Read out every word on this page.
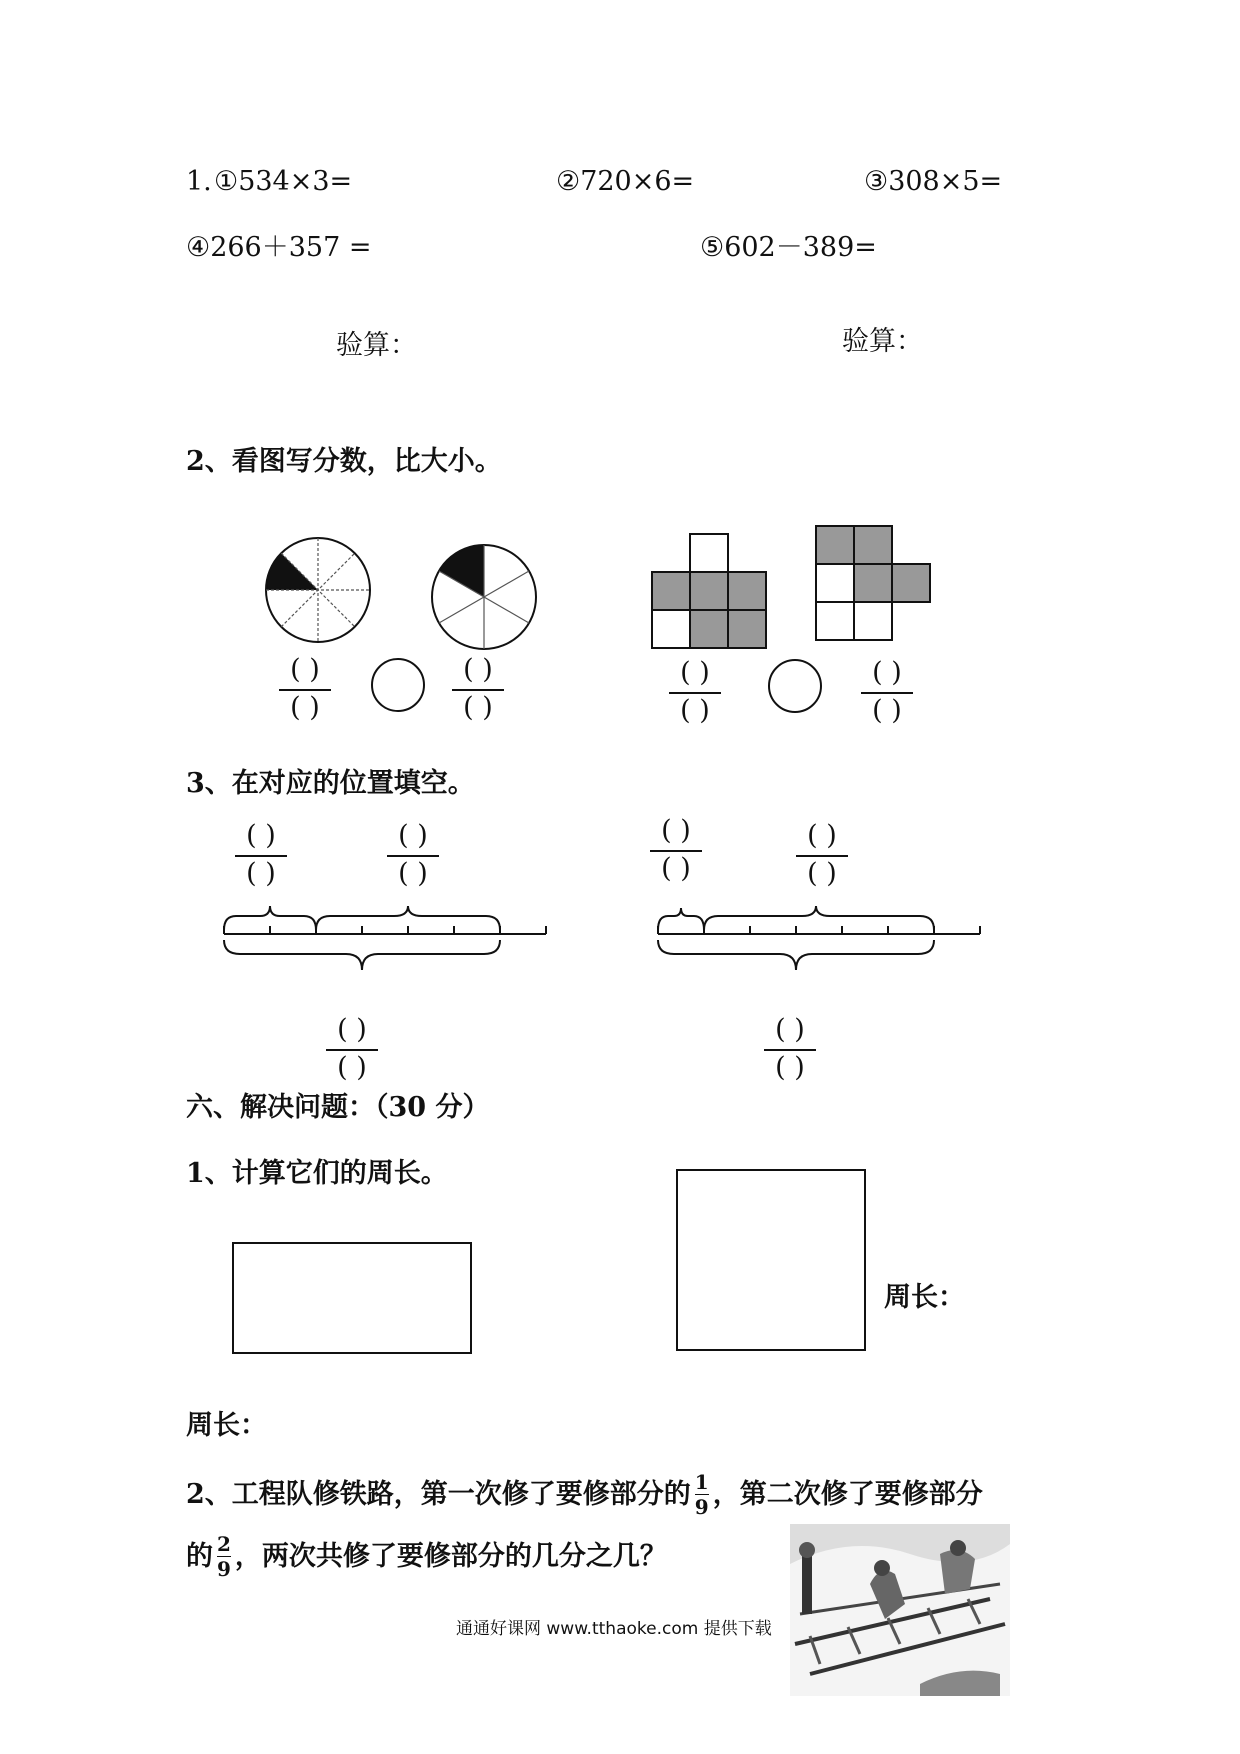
1. ①534×3=	②720×6=	③308×5=
④266＋357 =	⑤602－389=
验算：	验算：
2、看图写分数，比大小。
( )
( )
( )
( )
( )
( )
( )
( )
3、在对应的位置填空。
( )
( )
( )
( )
( )
( )
( )
( )
( )
( )
( )
( )
六、解决问题：（30 分）
1、计算它们的周长。
周长：
周长：
2、工程队修铁路，第一次修了要修部分的 1
9 ，第二次修了要修部分
的 2
9 ，两次共修了要修部分的几分之几？
通通好课网 www.tthaoke.com 提供下载
